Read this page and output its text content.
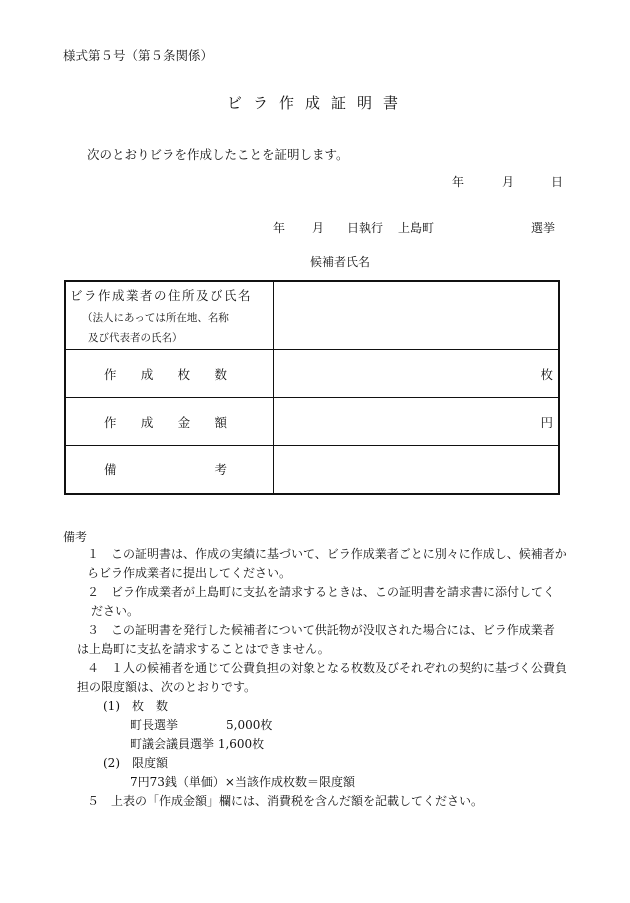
様式第５号（第５条関係）
ビラ作成証明書
次のとおりビラを作成したことを証明します。
年	月	日
年 月 日執行 上島町	選挙
候補者氏名
ビラ作成業者の住所及び氏名
（法人にあっては所在地、名称
及び代表者の氏名）	

作 成 枚 数	枚

作 成 金 額	円

備 考	

備考
１　この証明書は、作成の実績に基づいて、ビラ作成業者ごとに別々に作成し、候補者か
らビラ作成業者に提出してください。
２　ビラ作成業者が上島町に支払を請求するときは、この証明書を請求書に添付してく
ださい。
３　この証明書を発行した候補者について供託物が没収された場合には、ビラ作成業者
は上島町に支払を請求することはできません。
４　１人の候補者を通じて公費負担の対象となる枚数及びそれぞれの契約に基づく公費負
担の限度額は、次のとおりです。
(1)　枚　数
町長選挙　　　　5,000枚
町議会議員選挙 1,600枚
(2)　限度額
7円73銭（単価）×当該作成枚数＝限度額
５　上表の「作成金額」欄には、消費税を含んだ額を記載してください。
